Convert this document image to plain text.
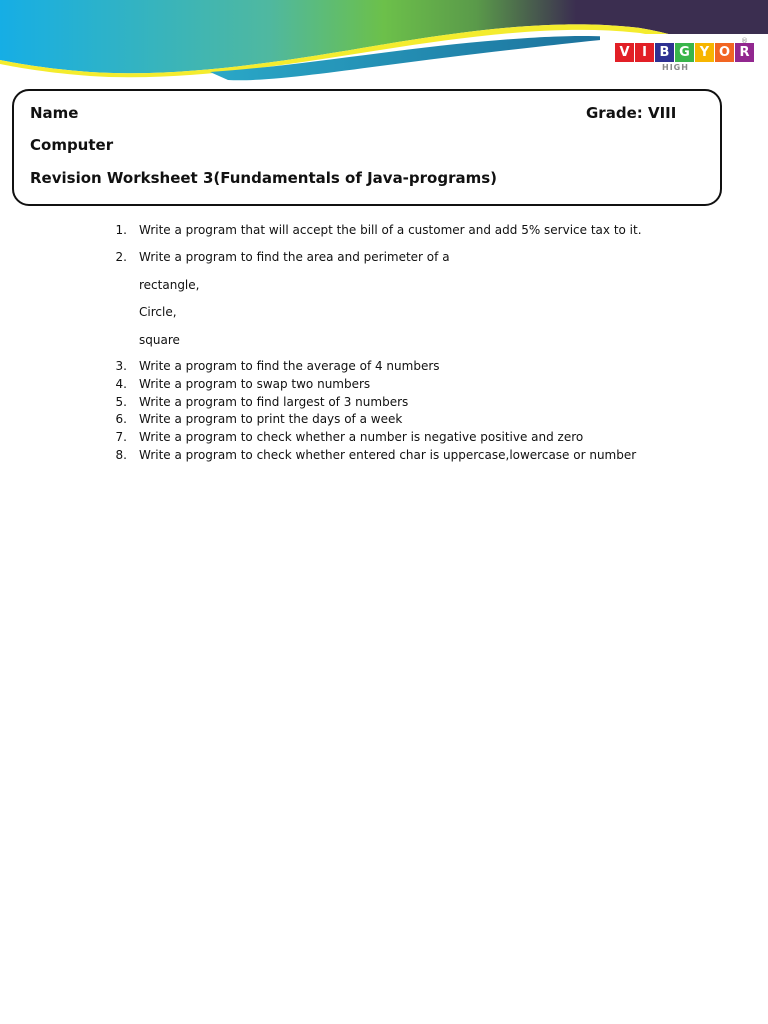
V I B G Y O R
®
HIGH
Name	Grade: VIII
Computer
Revision Worksheet 3(Fundamentals of Java-programs)
1. Write a program that will accept the bill of a customer and add 5% service tax to it.
2. Write a program to find the area and perimeter of a
rectangle,
Circle,
square
3. Write a program to find the average of 4 numbers
4. Write a program to swap two numbers
5. Write a program to find largest of 3 numbers
6. Write a program to print the days of a week
7. Write a program to check whether a number is negative positive and zero
8. Write a program to check whether entered char is uppercase,lowercase or number
